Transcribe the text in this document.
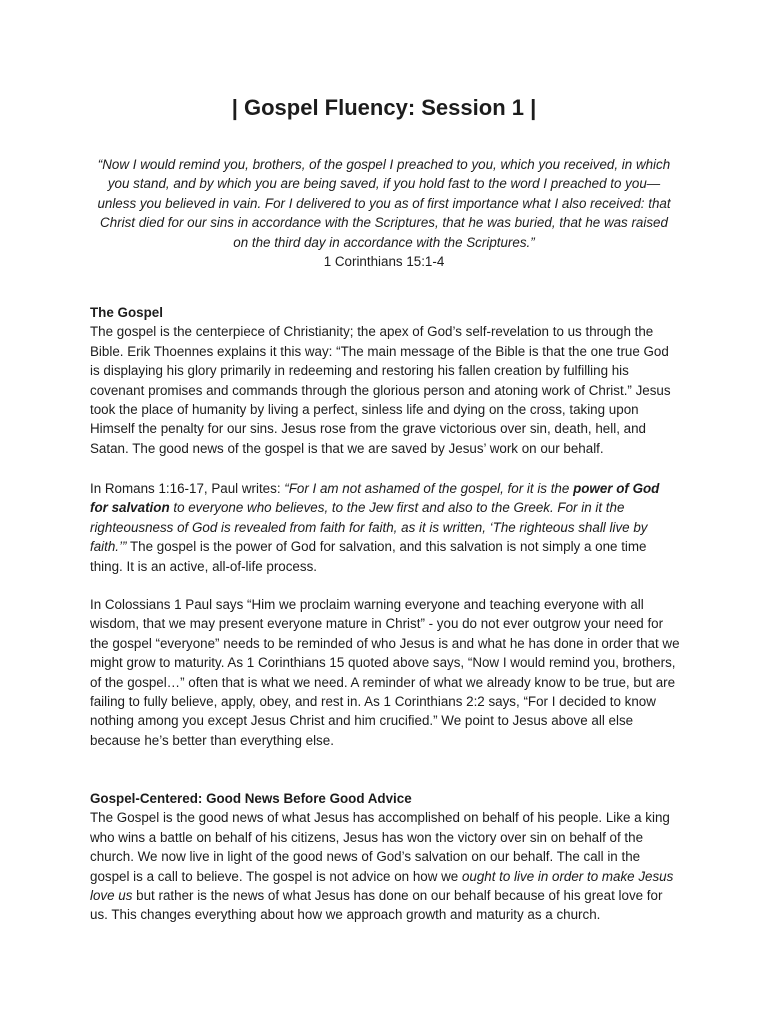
| Gospel Fluency: Session 1 |
“Now I would remind you, brothers, of the gospel I preached to you, which you received, in which you stand, and by which you are being saved, if you hold fast to the word I preached to you—unless you believed in vain. For I delivered to you as of first importance what I also received: that Christ died for our sins in accordance with the Scriptures, that he was buried, that he was raised on the third day in accordance with the Scriptures.”
1 Corinthians 15:1-4
The Gospel

The gospel is the centerpiece of Christianity; the apex of God’s self-revelation to us through the Bible. Erik Thoennes explains it this way: “The main message of the Bible is that the one true God is displaying his glory primarily in redeeming and restoring his fallen creation by fulfilling his covenant promises and commands through the glorious person and atoning work of Christ.” Jesus took the place of humanity by living a perfect, sinless life and dying on the cross, taking upon Himself the penalty for our sins. Jesus rose from the grave victorious over sin, death, hell, and Satan. The good news of the gospel is that we are saved by Jesus’ work on our behalf.

In Romans 1:16-17, Paul writes: “For I am not ashamed of the gospel, for it is the power of God for salvation to everyone who believes, to the Jew first and also to the Greek. For in it the righteousness of God is revealed from faith for faith, as it is written, ‘The righteous shall live by faith.’” The gospel is the power of God for salvation, and this salvation is not simply a one time thing. It is an active, all-of-life process.

In Colossians 1 Paul says “Him we proclaim warning everyone and teaching everyone with all wisdom, that we may present everyone mature in Christ” - you do not ever outgrow your need for the gospel “everyone” needs to be reminded of who Jesus is and what he has done in order that we might grow to maturity. As 1 Corinthians 15 quoted above says, “Now I would remind you, brothers, of the gospel…” often that is what we need. A reminder of what we already know to be true, but are failing to fully believe, apply, obey, and rest in. As 1 Corinthians 2:2 says, “For I decided to know nothing among you except Jesus Christ and him crucified.” We point to Jesus above all else because he’s better than everything else.

Gospel-Centered: Good News Before Good Advice
The Gospel is the good news of what Jesus has accomplished on behalf of his people. Like a king who wins a battle on behalf of his citizens, Jesus has won the victory over sin on behalf of the church. We now live in light of the good news of God’s salvation on our behalf. The call in the gospel is a call to believe. The gospel is not advice on how we ought to live in order to make Jesus love us but rather is the news of what Jesus has done on our behalf because of his great love for us. This changes everything about how we approach growth and maturity as a church.
